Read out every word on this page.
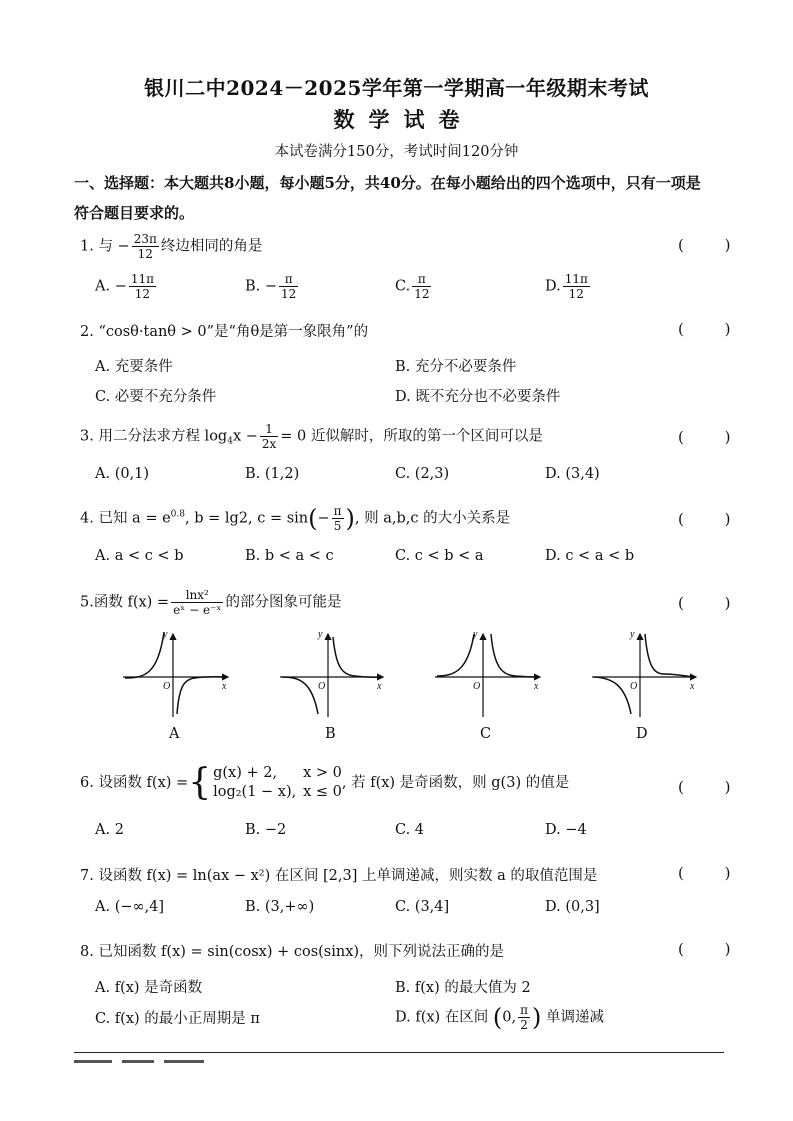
银川二中2024－2025学年第一学期高一年级期末考试
数学试卷
本试卷满分150分，考试时间120分钟
一、选择题：本大题共8小题，每小题5分，共40分。在每小题给出的四个选项中，只有一项是
符合题目要求的。
1. 与 − $\frac{23\pi}{12}$ 终边相同的角是	( )
A. − $\frac{11\pi}{12}$	B. − $\frac{\pi}{12}$	C. $\frac{\pi}{12}$	D. $\frac{11\pi}{12}$
2. “cosθ·tanθ > 0”是“角θ是第一象限角”的	( )
A. 充要条件	B. 充分不必要条件
C. 必要不充分条件	D. 既不充分也不必要条件
3. 用二分法求方程 $\log_4x - \frac{1}{2x} = 0$ 近似解时，所取的第一个区间可以是	( )
A. (0,1)	B. (1,2)	C. (2,3)	D. (3,4)
4. 已知 $a = e^{0.8}$, b = lg2, $c = \sin(- \frac{\pi}{5}$ ), 则 a,b,c 的大小关系是	( )
A. a < c < b	B. b < a < c	C. c < b < a	D. c < a < b
5.函数 $f(x) = \frac{\text{lnx²}}{\text{eˣ − e⁻ˣ}}$ 的部分图象可能是	( )
y
x
O
y
x
O
y
x
O
y
x
O
A	B	C	D
6. 设函数 f(x) ={ g(x) + 2, x > 0
log₂(1 − x), x ≤ 0
, 若 f(x) 是奇函数，则 g(3) 的值是	( )
A. 2	B. −2	C. 4	D. −4
7. 设函数 f(x) = ln(ax − x²) 在区间 [2,3] 上单调递减，则实数 a 的取值范围是	( )
A. (−∞,4]	B. (3,+∞)	C. (3,4]	D. (0,3]
8. 已知函数 f(x) = sin(cosx) + cos(sinx)，则下列说法正确的是	( )
A. f(x) 是奇函数	B. f(x) 的最大值为 2
C. f(x) 的最小正周期是 π	D. f(x) 在区间 (0, $\frac{\pi}{2}$ ) 单调递减
